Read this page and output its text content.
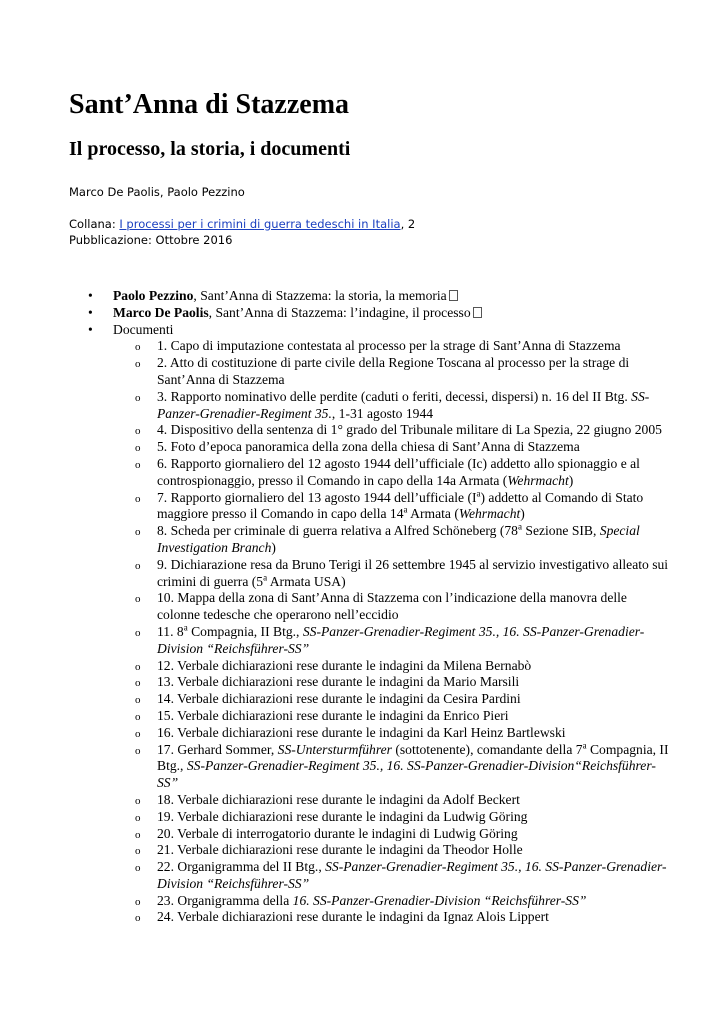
Sant’Anna di Stazzema
Il processo, la storia, i documenti
Marco De Paolis, Paolo Pezzino
Collana: I processi per i crimini di guerra tedeschi in Italia, 2
Pubblicazione: Ottobre 2016
• Paolo Pezzino, Sant’Anna di Stazzema: la storia, la memoria
• Marco De Paolis, Sant’Anna di Stazzema: l’indagine, il processo
• Documenti
o 1. Capo di imputazione contestata al processo per la strage di Sant’Anna di Stazzema
o 2. Atto di costituzione di parte civile della Regione Toscana al processo per la strage di Sant’Anna di Stazzema
o 3. Rapporto nominativo delle perdite (caduti o feriti, decessi, dispersi) n. 16 del II Btg. SS-Panzer-Grenadier-Regiment 35., 1-31 agosto 1944
o 4. Dispositivo della sentenza di 1° grado del Tribunale militare di La Spezia, 22 giugno 2005
o 5. Foto d’epoca panoramica della zona della chiesa di Sant’Anna di Stazzema
o 6. Rapporto giornaliero del 12 agosto 1944 dell’ufficiale (Ic) addetto allo spionaggio e al controspionaggio, presso il Comando in capo della 14a Armata (Wehrmacht)
o 7. Rapporto giornaliero del 13 agosto 1944 dell’ufficiale $(I^a)$ addetto al Comando di Stato maggiore presso il Comando in capo della 14$^a$ Armata (Wehrmacht)
o 8. Scheda per criminale di guerra relativa a Alfred Schöneberg (78$^a$ Sezione SIB, Special Investigation Branch)
o 9. Dichiarazione resa da Bruno Terigi il 26 settembre 1945 al servizio investigativo alleato sui crimini di guerra (5$^a$ Armata USA)
o 10. Mappa della zona di Sant’Anna di Stazzema con l’indicazione della manovra delle colonne tedesche che operarono nell’eccidio
o 11. 8$^a$ Compagnia, II Btg., SS-Panzer-Grenadier-Regiment 35., 16. SS-Panzer-Grenadier-Division “Reichsführer-SS”
o 12. Verbale dichiarazioni rese durante le indagini da Milena Bernabò
o 13. Verbale dichiarazioni rese durante le indagini da Mario Marsili
o 14. Verbale dichiarazioni rese durante le indagini da Cesira Pardini
o 15. Verbale dichiarazioni rese durante le indagini da Enrico Pieri
o 16. Verbale dichiarazioni rese durante le indagini da Karl Heinz Bartlewski
o 17. Gerhard Sommer, SS-Untersturmführer (sottotenente), comandante della 7$^a$ Compagnia, II Btg., SS-Panzer-Grenadier-Regiment 35., 16. SS-Panzer-Grenadier-Division“Reichsführer-SS”
o 18. Verbale dichiarazioni rese durante le indagini da Adolf Beckert
o 19. Verbale dichiarazioni rese durante le indagini da Ludwig Göring
o 20. Verbale di interrogatorio durante le indagini di Ludwig Göring
o 21. Verbale dichiarazioni rese durante le indagini da Theodor Holle
o 22. Organigramma del II Btg., SS-Panzer-Grenadier-Regiment 35., 16. SS-Panzer-Grenadier-Division “Reichsführer-SS”
o 23. Organigramma della 16. SS-Panzer-Grenadier-Division “Reichsführer-SS”
o 24. Verbale dichiarazioni rese durante le indagini da Ignaz Alois Lippert
